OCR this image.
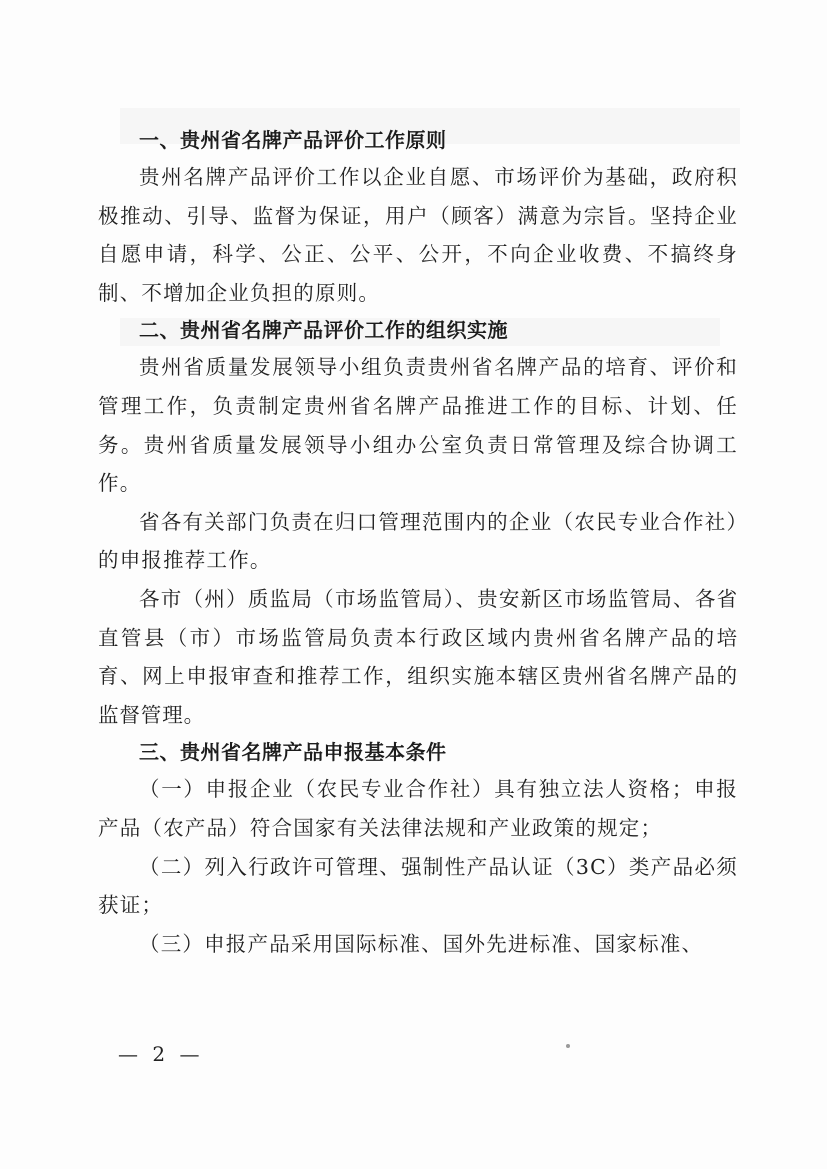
一、贵州省名牌产品评价工作原则

贵州名牌产品评价工作以企业自愿、市场评价为基础，政府积极推动、引导、监督为保证，用户（顾客）满意为宗旨。坚持企业自愿申请，科学、公正、公平、公开，不向企业收费、不搞终身制、不增加企业负担的原则。

二、贵州省名牌产品评价工作的组织实施

贵州省质量发展领导小组负责贵州省名牌产品的培育、评价和管理工作，负责制定贵州省名牌产品推进工作的目标、计划、任务。贵州省质量发展领导小组办公室负责日常管理及综合协调工作。

省各有关部门负责在归口管理范围内的企业（农民专业合作社）的申报推荐工作。

各市（州）质监局（市场监管局）、贵安新区市场监管局、各省直管县（市）市场监管局负责本行政区域内贵州省名牌产品的培育、网上申报审查和推荐工作，组织实施本辖区贵州省名牌产品的监督管理。

三、贵州省名牌产品申报基本条件

（一）申报企业（农民专业合作社）具有独立法人资格；申报产品（农产品）符合国家有关法律法规和产业政策的规定；

（二）列入行政许可管理、强制性产品认证（3C）类产品必须获证；

（三）申报产品采用国际标准、国外先进标准、国家标准、

— 2 —
